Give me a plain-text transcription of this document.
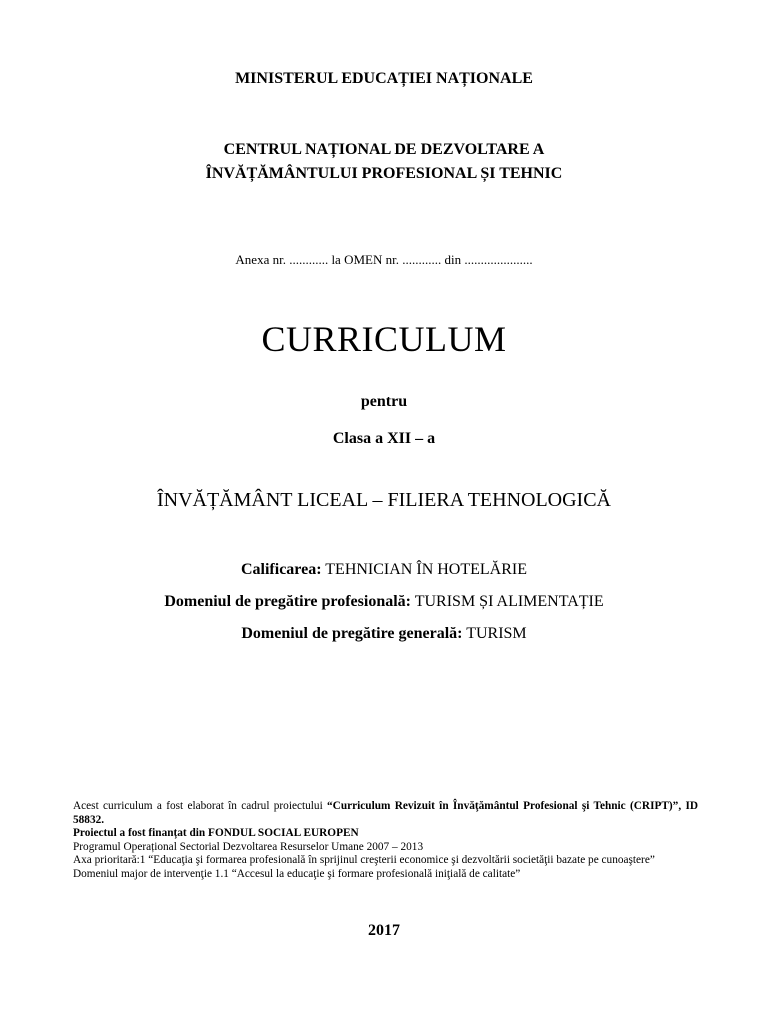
MINISTERUL EDUCAȚIEI NAȚIONALE
CENTRUL NAȚIONAL DE DEZVOLTARE A
ÎNVĂȚĂMÂNTULUI PROFESIONAL ȘI TEHNIC
Anexa nr. ............ la OMEN nr. ............ din .....................
CURRICULUM
pentru
Clasa a XII – a
ÎNVĂȚĂMÂNT LICEAL – FILIERA TEHNOLOGICĂ
Calificarea: TEHNICIAN ÎN HOTELĂRIE
Domeniul de pregătire profesională: TURISM ȘI ALIMENTAȚIE
Domeniul de pregătire generală: TURISM
Acest curriculum a fost elaborat în cadrul proiectului “Curriculum Revizuit în Învăţământul Profesional şi Tehnic (CRIPT)”, ID 58832.
Proiectul a fost finanțat din FONDUL SOCIAL EUROPEN
Programul Operațional Sectorial Dezvoltarea Resurselor Umane 2007 – 2013
Axa prioritară:1 “Educaţia şi formarea profesională în sprijinul creşterii economice şi dezvoltării societăţii bazate pe cunoaştere”
Domeniul major de intervenţie 1.1 “Accesul la educaţie şi formare profesională iniţială de calitate”
2017
